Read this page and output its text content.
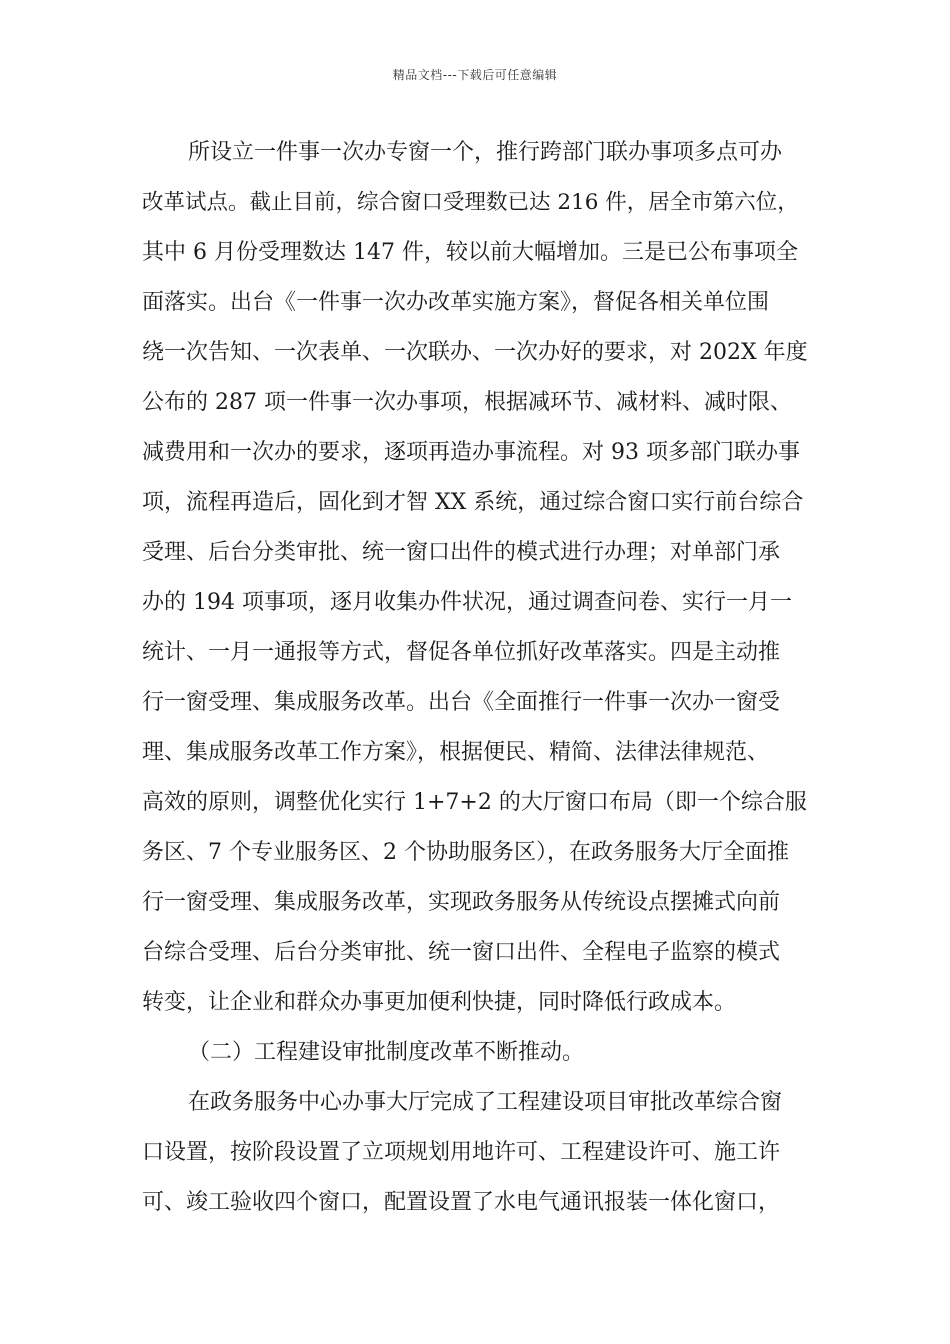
精品文档---下载后可任意编辑
所设立一件事一次办专窗一个，推行跨部门联办事项多点可办
改革试点。截止目前，综合窗口受理数已达 216 件，居全市第六位，
其中 6 月份受理数达 147 件，较以前大幅增加。三是已公布事项全
面落实。出台《一件事一次办改革实施方案》，督促各相关单位围
绕一次告知、一次表单、一次联办、一次办好的要求，对 202X 年度
公布的 287 项一件事一次办事项，根据减环节、减材料、减时限、
减费用和一次办的要求，逐项再造办事流程。对 93 项多部门联办事
项，流程再造后，固化到才智 XX 系统，通过综合窗口实行前台综合
受理、后台分类审批、统一窗口出件的模式进行办理；对单部门承
办的 194 项事项，逐月收集办件状况，通过调查问卷、实行一月一
统计、一月一通报等方式，督促各单位抓好改革落实。四是主动推
行一窗受理、集成服务改革。出台《全面推行一件事一次办一窗受
理、集成服务改革工作方案》，根据便民、精简、法律法律规范、
高效的原则，调整优化实行 1+7+2 的大厅窗口布局（即一个综合服
务区、7 个专业服务区、2 个协助服务区），在政务服务大厅全面推
行一窗受理、集成服务改革，实现政务服务从传统设点摆摊式向前
台综合受理、后台分类审批、统一窗口出件、全程电子监察的模式
转变，让企业和群众办事更加便利快捷，同时降低行政成本。
（二）工程建设审批制度改革不断推动。
在政务服务中心办事大厅完成了工程建设项目审批改革综合窗
口设置，按阶段设置了立项规划用地许可、工程建设许可、施工许
可、竣工验收四个窗口，配置设置了水电气通讯报装一体化窗口，
